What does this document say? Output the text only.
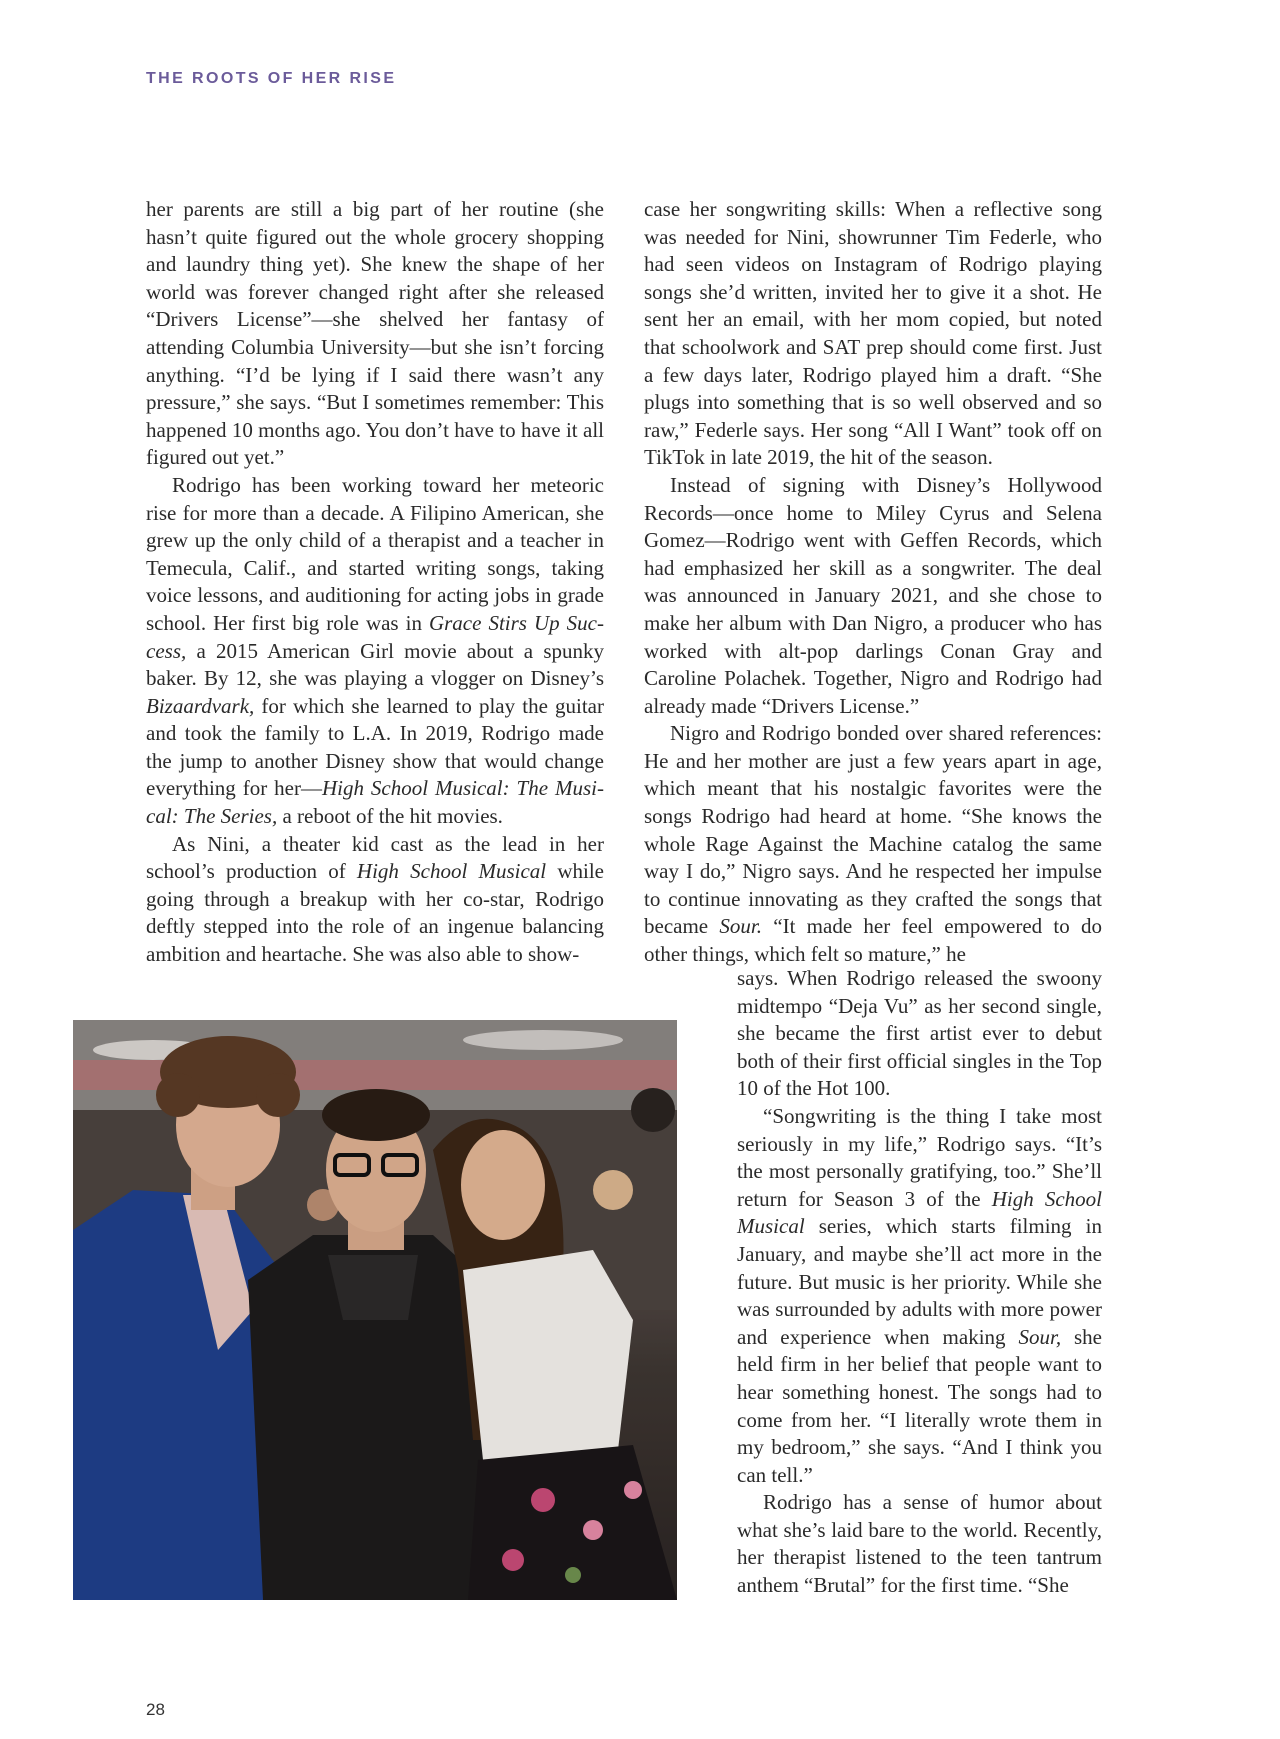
THE ROOTS OF HER RISE

her parents are still a big part of her routine (she hasn’t quite figured out the whole grocery shopping and laundry thing yet). She knew the shape of her world was forever changed right after she released “Drivers License”—she shelved her fantasy of attending Columbia University—but she isn’t forcing anything. “I’d be lying if I said there wasn’t any pressure,” she says. “But I sometimes remember: This happened 10 months ago. You don’t have to have it all figured out yet.”

Rodrigo has been working toward her meteoric rise for more than a decade. A Filipino American, she grew up the only child of a therapist and a teacher in Temecula, Calif., and started writing songs, taking voice lessons, and auditioning for acting jobs in grade school. Her first big role was in Grace Stirs Up Success, a 2015 American Girl movie about a spunky baker. By 12, she was playing a vlogger on Disney’s Bizaardvark, for which she learned to play the guitar and took the family to L.A. In 2019, Rodrigo made the jump to another Disney show that would change everything for her—High School Musical: The Musical: The Series, a reboot of the hit movies.

As Nini, a theater kid cast as the lead in her school’s production of High School Musical while going through a breakup with her co-star, Rodrigo deftly stepped into the role of an ingenue balancing ambition and heartache. She was also able to show-

case her songwriting skills: When a reflective song was needed for Nini, showrunner Tim Federle, who had seen videos on Instagram of Rodrigo playing songs she’d written, invited her to give it a shot. He sent her an email, with her mom copied, but noted that schoolwork and SAT prep should come first. Just a few days later, Rodrigo played him a draft. “She plugs into something that is so well observed and so raw,” Federle says. Her song “All I Want” took off on TikTok in late 2019, the hit of the season.

Instead of signing with Disney’s Hollywood Records—once home to Miley Cyrus and Selena Gomez—Rodrigo went with Geffen Records, which had emphasized her skill as a songwriter. The deal was announced in January 2021, and she chose to make her album with Dan Nigro, a producer who has worked with alt-pop darlings Conan Gray and Caroline Polachek. Together, Nigro and Rodrigo had already made “Drivers License.”

Nigro and Rodrigo bonded over shared references: He and her mother are just a few years apart in age, which meant that his nostalgic favorites were the songs Rodrigo had heard at home. “She knows the whole Rage Against the Machine catalog the same way I do,” Nigro says. And he respected her impulse to continue innovating as they crafted the songs that became Sour. “It made her feel empowered to do other things, which felt so mature,” he

says. When Rodrigo released the swoony midtempo “Deja Vu” as her second single, she became the first artist ever to debut both of their first official singles in the Top 10 of the Hot 100.

“Songwriting is the thing I take most seriously in my life,” Rodrigo says. “It’s the most personally gratifying, too.” She’ll return for Season 3 of the High School Musical series, which starts filming in January, and maybe she’ll act more in the future. But music is her priority. While she was surrounded by adults with more power and experience when making Sour, she held firm in her belief that people want to hear something honest. The songs had to come from her. “I literally wrote them in my bedroom,” she says. “And I think you can tell.”

Rodrigo has a sense of humor about what she’s laid bare to the world. Recently, her therapist listened to the teen tantrum anthem “Brutal” for the first time. “She

28
